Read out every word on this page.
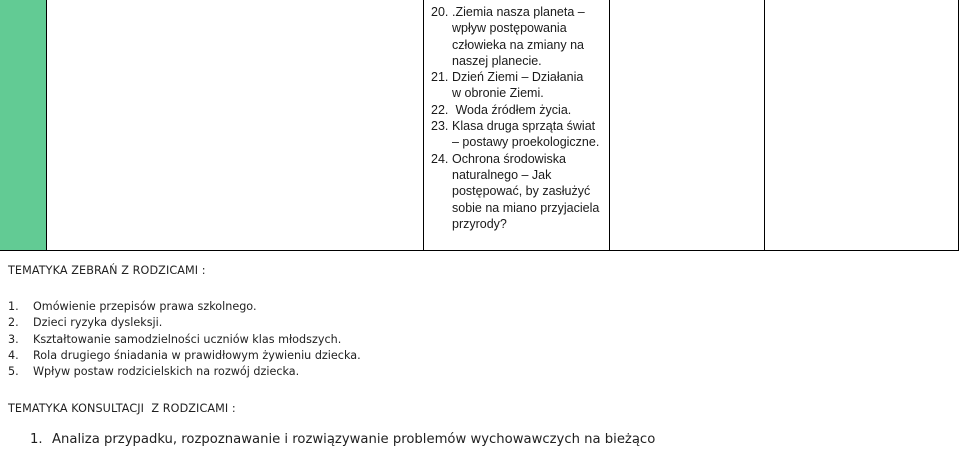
20. .Ziemia nasza planeta –
wpływ postępowania
człowieka na zmiany na
naszej planecie.
21. Dzień Ziemi – Działania
w obronie Ziemi.
22. Woda źródłem życia.
23. Klasa druga sprząta świat
– postawy proekologiczne.
24. Ochrona środowiska
naturalnego – Jak
postępować, by zasłużyć
sobie na miano przyjaciela
przyrody?
TEMATYKA ZEBRAŃ Z RODZICAMI :
1. Omówienie przepisów prawa szkolnego.
2. Dzieci ryzyka dysleksji.
3. Kształtowanie samodzielności uczniów klas młodszych.
4. Rola drugiego śniadania w prawidłowym żywieniu dziecka.
5. Wpływ postaw rodzicielskich na rozwój dziecka.
TEMATYKA KONSULTACJI  Z RODZICAMI :
1. Analiza przypadku, rozpoznawanie i rozwiązywanie problemów wychowawczych na bieżąco
